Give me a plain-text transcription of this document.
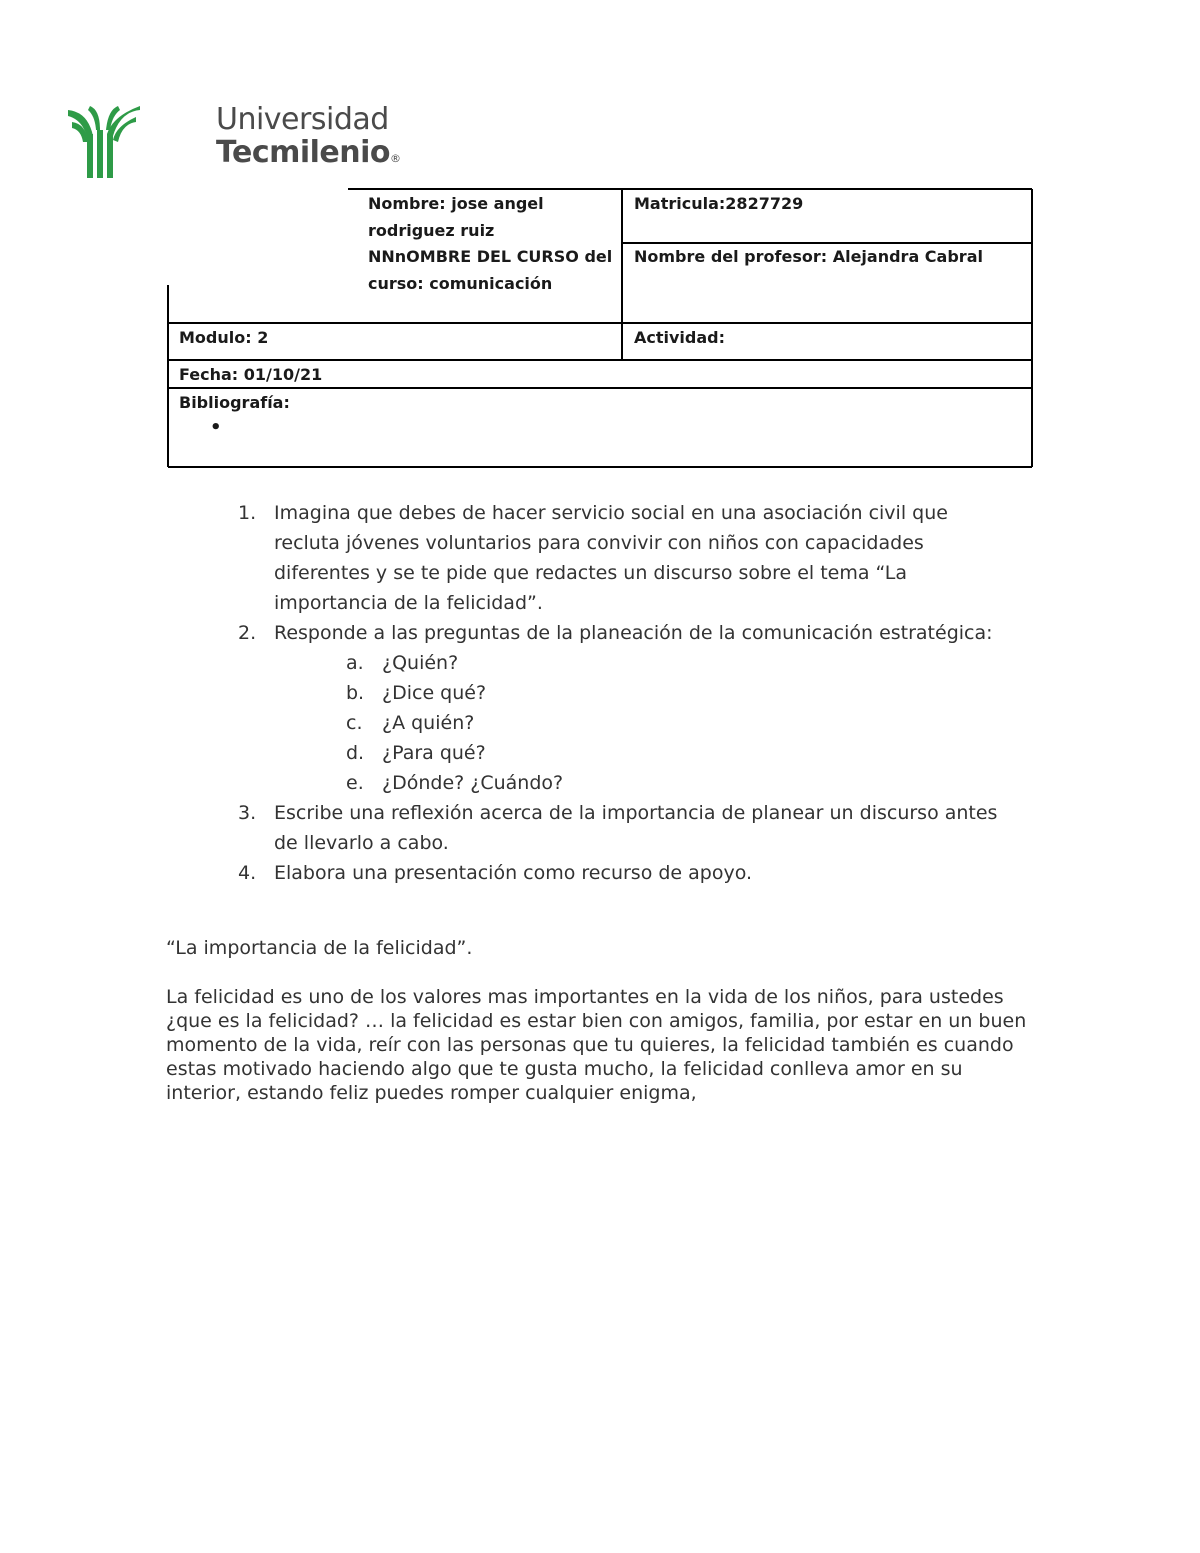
Universidad
Tecmilenio®
Nombre: jose angel rodriguez ruiz
Matricula:2827729
NNnOMBRE DEL CURSO del curso: comunicación
Nombre del profesor: Alejandra Cabral
Modulo: 2	Actividad:
Fecha: 01/10/21
Bibliografía:
•
1. Imagina que debes de hacer servicio social en una asociación civil que recluta jóvenes voluntarios para convivir con niños con capacidades diferentes y se te pide que redactes un discurso sobre el tema “La importancia de la felicidad”.
2. Responde a las preguntas de la planeación de la comunicación estratégica:
a. ¿Quién?
b. ¿Dice qué?
c. ¿A quién?
d. ¿Para qué?
e. ¿Dónde? ¿Cuándo?
3. Escribe una reflexión acerca de la importancia de planear un discurso antes de llevarlo a cabo.
4. Elabora una presentación como recurso de apoyo.
“La importancia de la felicidad”.
La felicidad es uno de los valores mas importantes en la vida de los niños, para ustedes ¿que es la felicidad? … la felicidad es estar bien con amigos, familia, por estar en un buen momento de la vida, reír con las personas que tu quieres, la felicidad también es cuando estas motivado haciendo algo que te gusta mucho, la felicidad conlleva amor en su interior, estando feliz puedes romper cualquier enigma,
